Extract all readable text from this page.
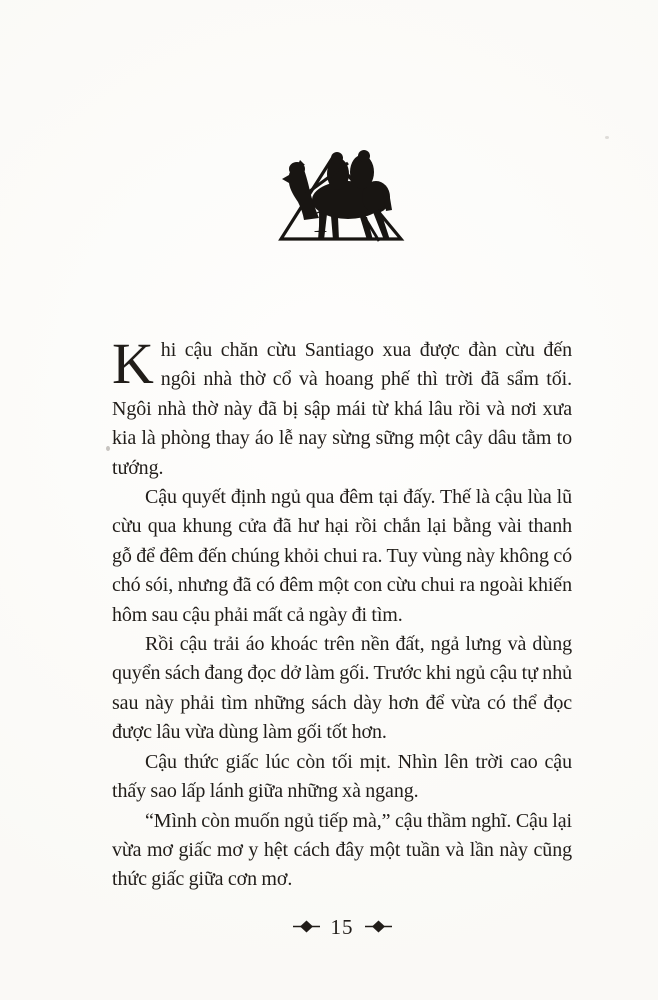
1

Khi cậu chăn cừu Santiago xua được đàn cừu đến ngôi nhà thờ cổ và hoang phế thì trời đã sẩm tối. Ngôi nhà thờ này đã bị sập mái từ khá lâu rồi và nơi xưa kia là phòng thay áo lễ nay sừng sững một cây dâu tằm to tướng.

Cậu quyết định ngủ qua đêm tại đấy. Thế là cậu lùa lũ cừu qua khung cửa đã hư hại rồi chắn lại bằng vài thanh gỗ để đêm đến chúng khỏi chui ra. Tuy vùng này không có chó sói, nhưng đã có đêm một con cừu chui ra ngoài khiến hôm sau cậu phải mất cả ngày đi tìm.

Rồi cậu trải áo khoác trên nền đất, ngả lưng và dùng quyển sách đang đọc dở làm gối. Trước khi ngủ cậu tự nhủ sau này phải tìm những sách dày hơn để vừa có thể đọc được lâu vừa dùng làm gối tốt hơn.

Cậu thức giấc lúc còn tối mịt. Nhìn lên trời cao cậu thấy sao lấp lánh giữa những xà ngang.

“Mình còn muốn ngủ tiếp mà,” cậu thầm nghĩ. Cậu lại vừa mơ giấc mơ y hệt cách đây một tuần và lần này cũng thức giấc giữa cơn mơ.

15
